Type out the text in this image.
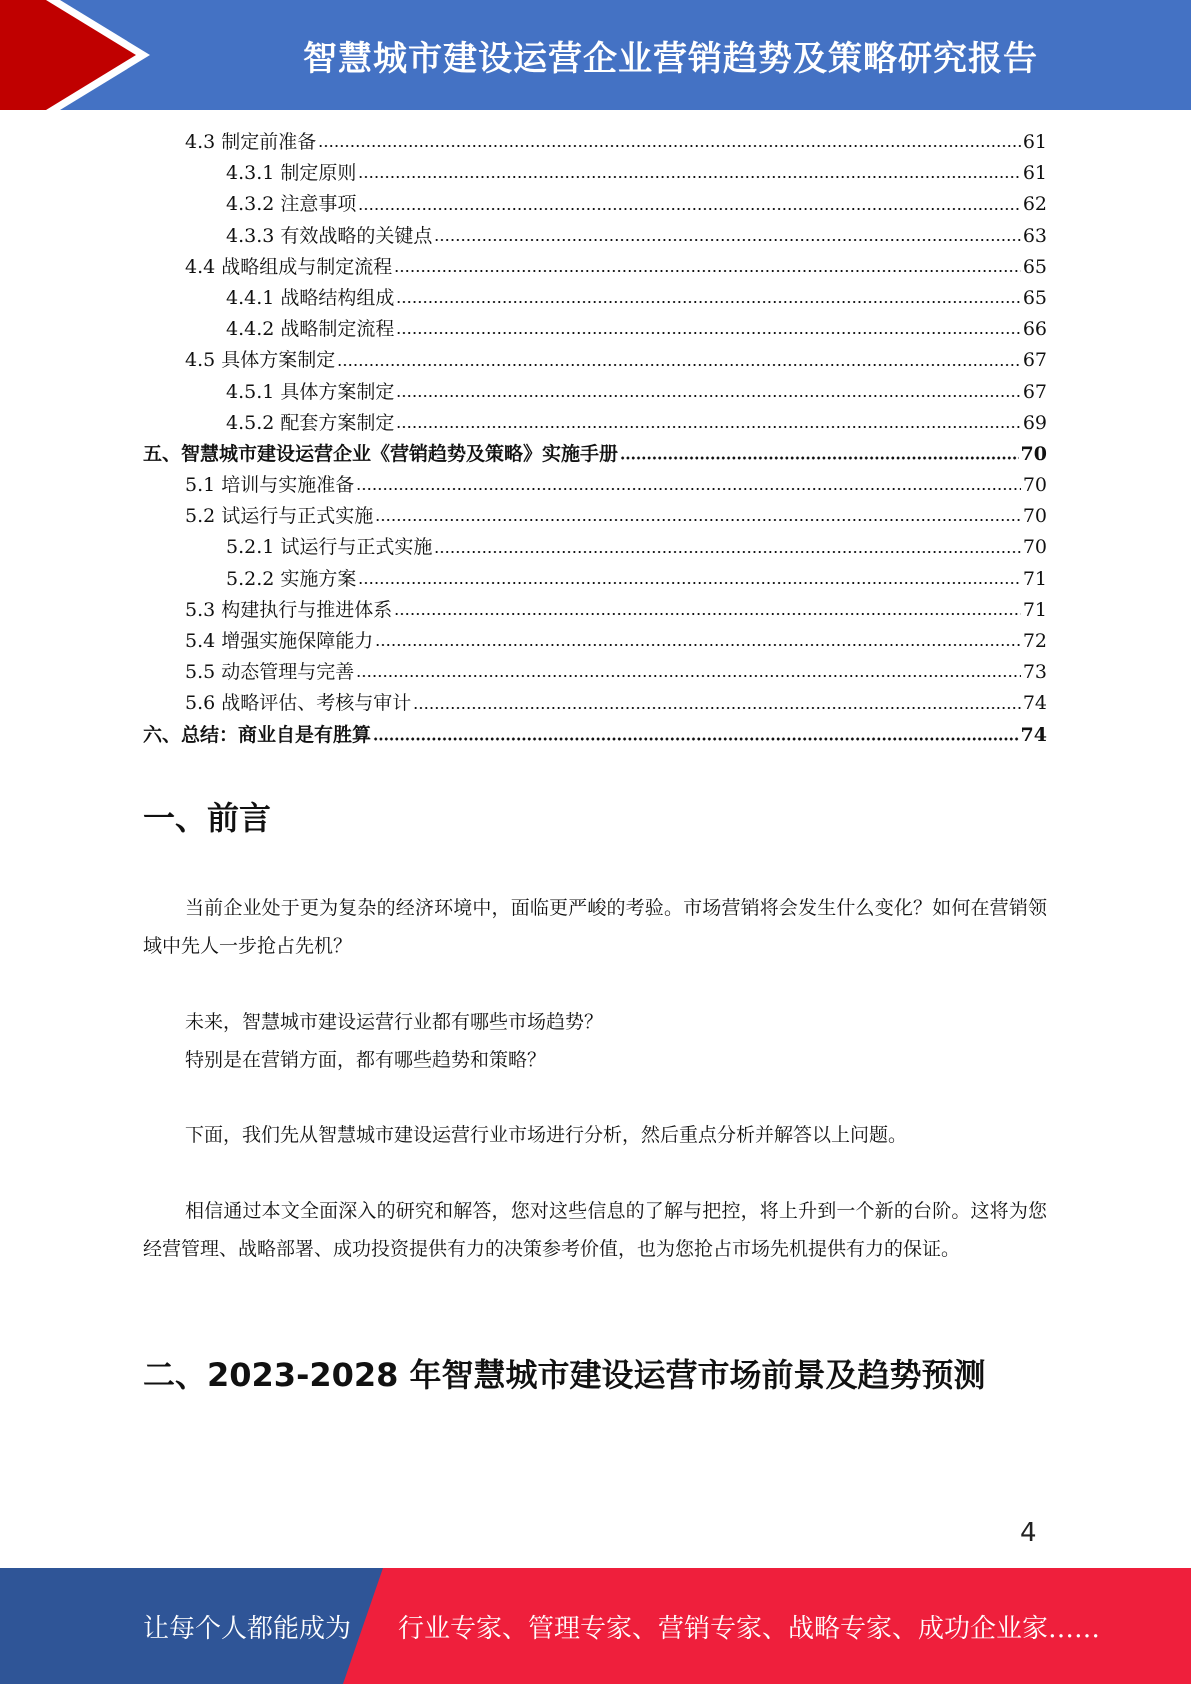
智慧城市建设运营企业营销趋势及策略研究报告
4.3 制定前准备	61
4.3.1 制定原则	61
4.3.2 注意事项	62
4.3.3 有效战略的关键点	63
4.4 战略组成与制定流程	65
4.4.1 战略结构组成	65
4.4.2 战略制定流程	66
4.5 具体方案制定	67
4.5.1 具体方案制定	67
4.5.2 配套方案制定	69
五、智慧城市建设运营企业《营销趋势及策略》实施手册	70
5.1 培训与实施准备	70
5.2 试运行与正式实施	70
5.2.1 试运行与正式实施	70
5.2.2 实施方案	71
5.3 构建执行与推进体系	71
5.4 增强实施保障能力	72
5.5 动态管理与完善	73
5.6 战略评估、考核与审计	74
六、总结：商业自是有胜算	74
一、前言

当前企业处于更为复杂的经济环境中，面临更严峻的考验。市场营销将会发生什么变化？如何在营销领域中先人一步抢占先机？

未来，智慧城市建设运营行业都有哪些市场趋势？
特别是在营销方面，都有哪些趋势和策略？

下面，我们先从智慧城市建设运营行业市场进行分析，然后重点分析并解答以上问题。

相信通过本文全面深入的研究和解答，您对这些信息的了解与把控，将上升到一个新的台阶。这将为您经营管理、战略部署、成功投资提供有力的决策参考价值，也为您抢占市场先机提供有力的保证。

二、2023-2028 年智慧城市建设运营市场前景及趋势预测
4
让每个人都能成为 行业专家、管理专家、营销专家、战略专家、成功企业家……
